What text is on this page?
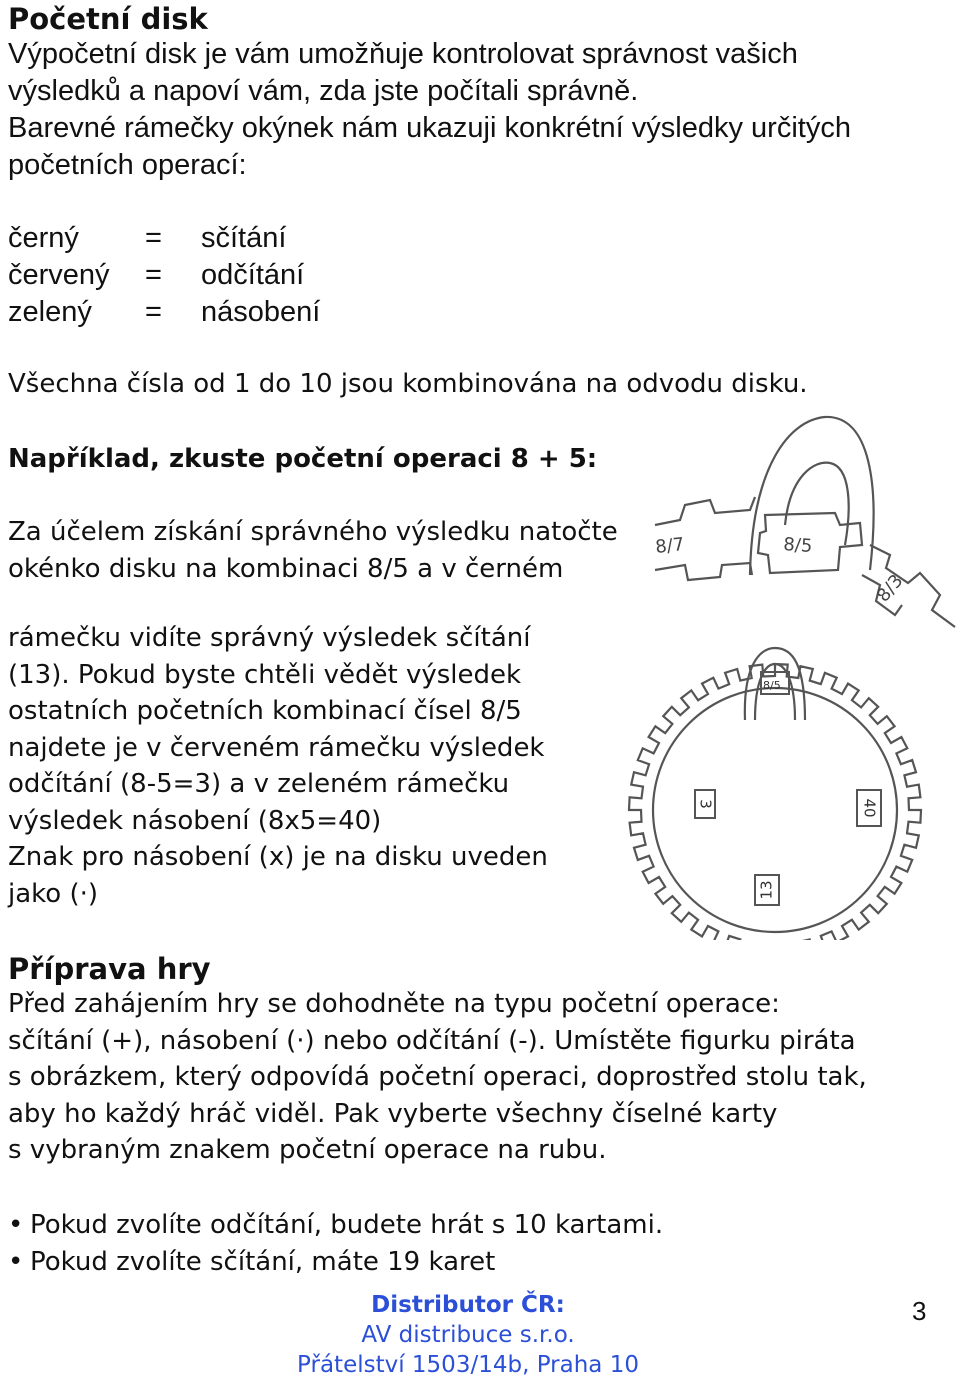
Početní disk
Výpočetní disk je vám umožňuje kontrolovat správnost vašich
výsledků a napoví vám, zda jste počítali správně.
Barevné rámečky okýnek nám ukazuji konkrétní výsledky určitých
početních operací:
černý = sčítání
červený = odčítání
zelený = násobení
Všechna čísla od 1 do 10 jsou kombinována na odvodu disku.
Například, zkuste početní operaci 8 + 5:
Za účelem získání správného výsledku natočte
okénko disku na kombinaci 8/5 a v černém
rámečku vidíte správný výsledek sčítání
(13). Pokud byste chtěli vědět výsledek
ostatních početních kombinací čísel 8/5
najdete je v červeném rámečku výsledek
odčítání (8-5=3) a v zeleném rámečku
výsledek násobení (8x5=40)
Znak pro násobení (x) je na disku uveden
jako (·)
8/7	8/5
8/3
8/5
3	40
13
Příprava hry
Před zahájením hry se dohodněte na typu početní operace:
sčítání (+), násobení (·) nebo odčítání (-). Umístěte figurku piráta
s obrázkem, který odpovídá početní operaci, doprostřed stolu tak,
aby ho každý hráč viděl. Pak vyberte všechny číselné karty
s vybraným znakem početní operace na rubu.
• Pokud zvolíte odčítání, budete hrát s 10 kartami.
• Pokud zvolíte sčítání, máte 19 karet
Distributor ČR:
AV distribuce s.r.o.
Přátelství 1503/14b, Praha 10
3
